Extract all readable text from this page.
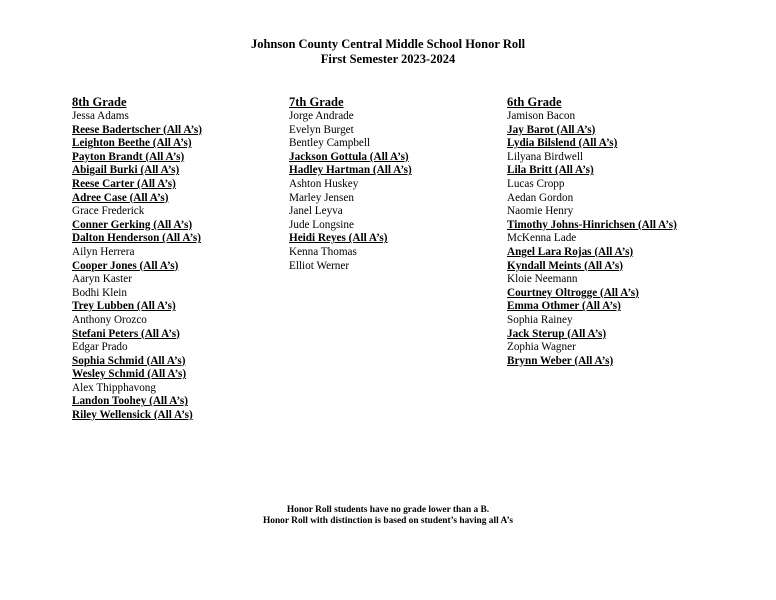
Johnson County Central Middle School Honor Roll
First Semester 2023-2024
8th Grade
Jessa Adams
Reese Badertscher (All A’s)
Leighton Beethe (All A’s)
Payton Brandt (All A’s)
Abigail Burki (All A’s)
Reese Carter (All A’s)
Adree Case (All A’s)
Grace Frederick
Conner Gerking (All A’s)
Dalton Henderson (All A’s)
Ailyn Herrera
Cooper Jones (All A’s)
Aaryn Kaster
Bodhi Klein
Trey Lubben (All A’s)
Anthony Orozco
Stefani Peters (All A’s)
Edgar Prado
Sophia Schmid (All A’s)
Wesley Schmid (All A’s)
Alex Thipphavong
Landon Toohey (All A’s)
Riley Wellensick (All A’s)
7th Grade
Jorge Andrade
Evelyn Burget
Bentley Campbell
Jackson Gottula (All A’s)
Hadley Hartman (All A’s)
Ashton Huskey
Marley Jensen
Janel Leyva
Jude Longsine
Heidi Reyes (All A’s)
Kenna Thomas
Elliot Werner
6th Grade
Jamison Bacon
Jay Barot (All A’s)
Lydia Bilslend (All A’s)
Lilyana Birdwell
Lila Britt (All A’s)
Lucas Cropp
Aedan Gordon
Naomie Henry
Timothy Johns-Hinrichsen (All A’s)
McKenna Lade
Angel Lara Rojas (All A’s)
Kyndall Meints (All A’s)
Kloie Neemann
Courtney Oltrogge (All A’s)
Emma Othmer (All A’s)
Sophia Rainey
Jack Sterup (All A’s)
Zophia Wagner
Brynn Weber (All A’s)
Honor Roll students have no grade lower than a B.
Honor Roll with distinction is based on student’s having all A’s
